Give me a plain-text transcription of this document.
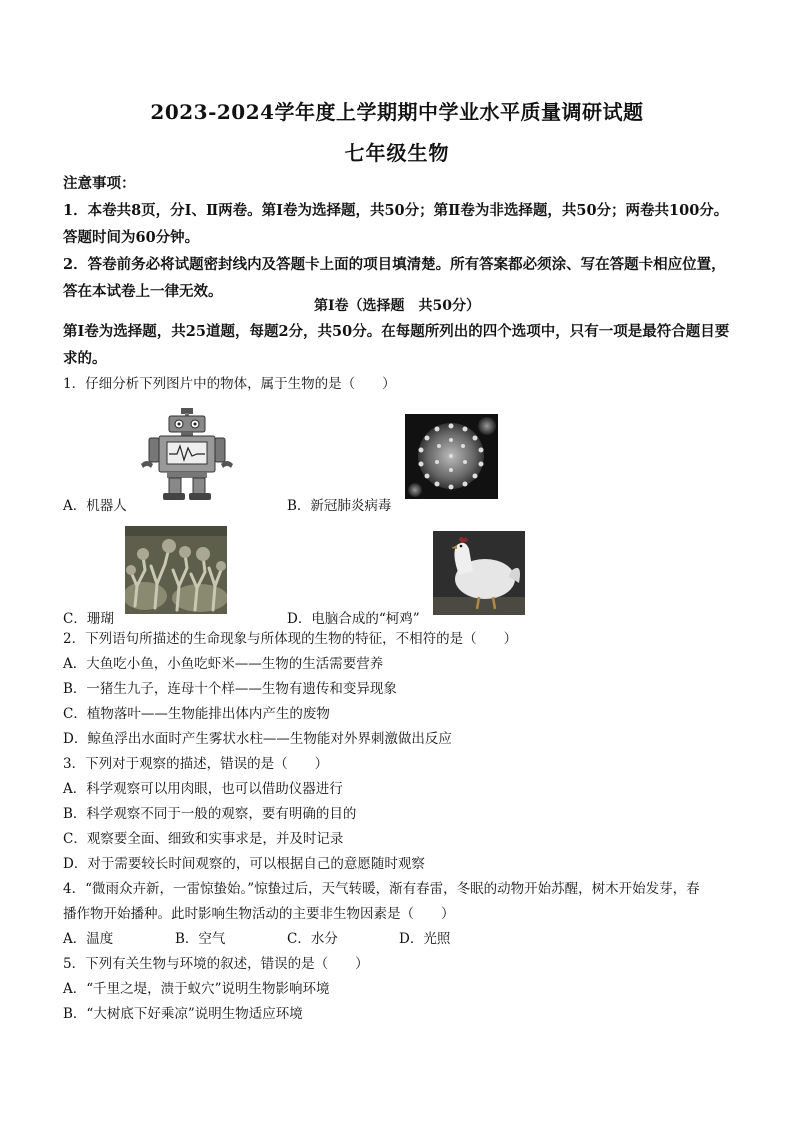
2023-2024学年度上学期期中学业水平质量调研试题
七年级生物
注意事项：
1．本卷共8页，分Ⅰ、Ⅱ两卷。第Ⅰ卷为选择题，共50分；第Ⅱ卷为非选择题，共50分；两卷共100分。答题时间为60分钟。
2．答卷前务必将试题密封线内及答题卡上面的项目填清楚。所有答案都必须涂、写在答题卡相应位置，答在本试卷上一律无效。
第Ⅰ卷（选择题　共50分）
第Ⅰ卷为选择题，共25道题，每题2分，共50分。在每题所列出的四个选项中，只有一项是最符合题目要求的。
1．仔细分析下列图片中的物体，属于生物的是（　　）
A．机器人	B．新冠肺炎病毒
C．珊瑚	D．电脑合成的“柯鸡”
2．下列语句所描述的生命现象与所体现的生物的特征，不相符的是（　　）
A．大鱼吃小鱼，小鱼吃虾米——生物的生活需要营养
B．一猪生九子，连母十个样——生物有遗传和变异现象
C．植物落叶——生物能排出体内产生的废物
D．鲸鱼浮出水面时产生雾状水柱——生物能对外界刺激做出反应
3．下列对于观察的描述，错误的是（　　）
A．科学观察可以用肉眼，也可以借助仪器进行
B．科学观察不同于一般的观察，要有明确的目的
C．观察要全面、细致和实事求是，并及时记录
D．对于需要较长时间观察的，可以根据自己的意愿随时观察
4．“微雨众卉新，一雷惊蛰始。”惊蛰过后，天气转暖，渐有春雷，冬眠的动物开始苏醒，树木开始发芽，春
播作物开始播种。此时影响生物活动的主要非生物因素是（　　）
A．温度	B．空气	C．水分	D．光照
5．下列有关生物与环境的叙述，错误的是（　　）
A．“千里之堤，溃于蚁穴”说明生物影响环境
B．“大树底下好乘凉”说明生物适应环境
